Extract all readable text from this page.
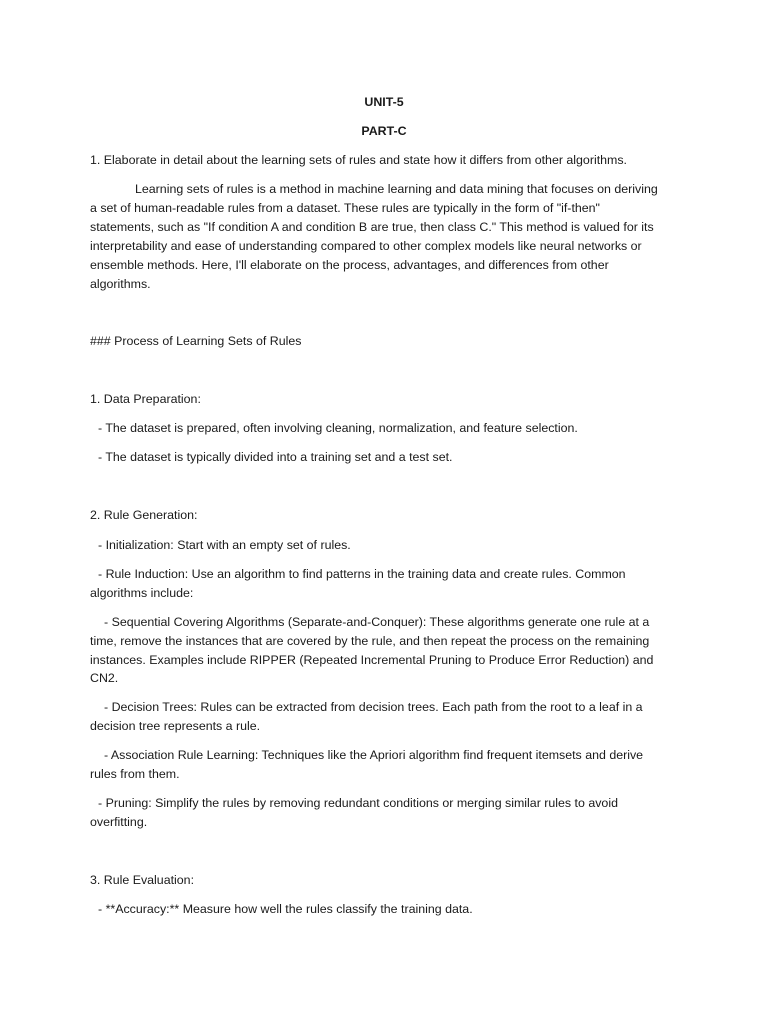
UNIT-5
PART-C
1. Elaborate in detail about the learning sets of rules and state how it differs from other algorithms.
Learning sets of rules is a method in machine learning and data mining that focuses on deriving
a set of human-readable rules from a dataset. These rules are typically in the form of "if-then"
statements, such as "If condition A and condition B are true, then class C." This method is valued for its
interpretability and ease of understanding compared to other complex models like neural networks or
ensemble methods. Here, I'll elaborate on the process, advantages, and differences from other
algorithms.
### Process of Learning Sets of Rules
1. Data Preparation:
- The dataset is prepared, often involving cleaning, normalization, and feature selection.
- The dataset is typically divided into a training set and a test set.
2. Rule Generation:
- Initialization: Start with an empty set of rules.
- Rule Induction: Use an algorithm to find patterns in the training data and create rules. Common
algorithms include:
- Sequential Covering Algorithms (Separate-and-Conquer): These algorithms generate one rule at a
time, remove the instances that are covered by the rule, and then repeat the process on the remaining
instances. Examples include RIPPER (Repeated Incremental Pruning to Produce Error Reduction) and
CN2.
- Decision Trees: Rules can be extracted from decision trees. Each path from the root to a leaf in a
decision tree represents a rule.
- Association Rule Learning: Techniques like the Apriori algorithm find frequent itemsets and derive
rules from them.
- Pruning: Simplify the rules by removing redundant conditions or merging similar rules to avoid
overfitting.
3. Rule Evaluation:
- **Accuracy:** Measure how well the rules classify the training data.
